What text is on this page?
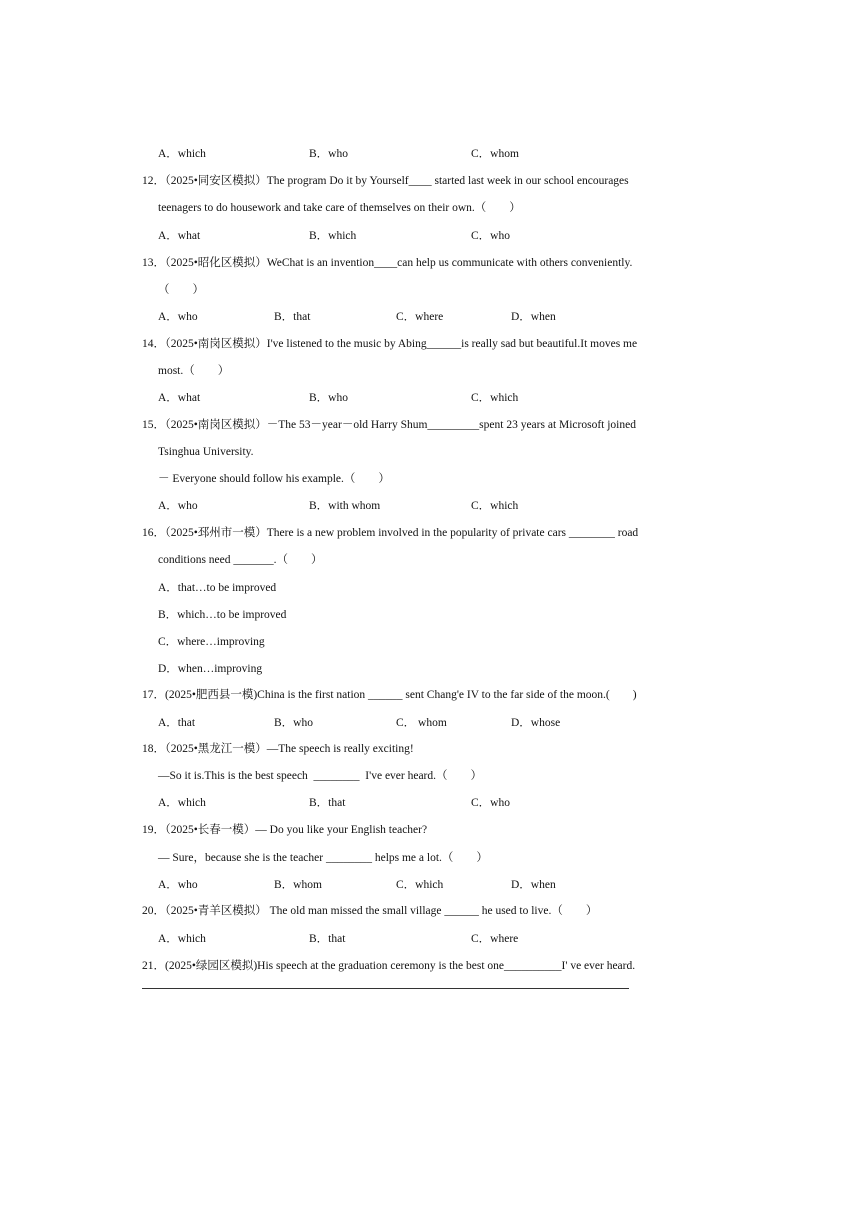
A．which	B．who	C．whom
12．（2025•同安区模拟）The program Do it by Yourself____ started last week in our school encourages
teenagers to do housework and take care of themselves on their own.（　　）
A．what	B．which	C．who
13．（2025•昭化区模拟）WeChat is an invention____can help us communicate with others conveniently.
（　　）
A．who	B．that	C．where	D．when
14．（2025•南岗区模拟）I've listened to the music by Abing______is really sad but beautiful.It moves me
most.（　　）
A．what	B．who	C．which
15．（2025•南岗区模拟）－The 53－year－old Harry Shum_________spent 23 years at Microsoft joined
Tsinghua University.
－ Everyone should follow his example.（　　）
A．who	B．with whom	C．which
16．（2025•邳州市一模）There is a new problem involved in the popularity of private cars ________ road
conditions need _______.（　　）
A．that…to be improved
B．which…to be improved
C．where…improving
D．when…improving
17．(2025•肥西县一模)China is the first nation ______ sent Chang'e IV to the far side of the moon.(　　)
A．that	B．who	C． whom	D．whose
18．（2025•黑龙江一模）—The speech is really exciting!
—So it is.This is the best speech  ________  I've ever heard.（　　）
A．which	B．that	C．who
19．（2025•长春一模）— Do you like your English teacher?
— Sure，because she is the teacher ________ helps me a lot.（　　）
A．who	B．whom	C．which	D．when
20．（2025•青羊区模拟） The old man missed the small village ______ he used to live.（　　）
A．which	B．that	C．where
21．(2025•绿园区模拟)His speech at the graduation ceremony is the best one__________I' ve ever heard.
